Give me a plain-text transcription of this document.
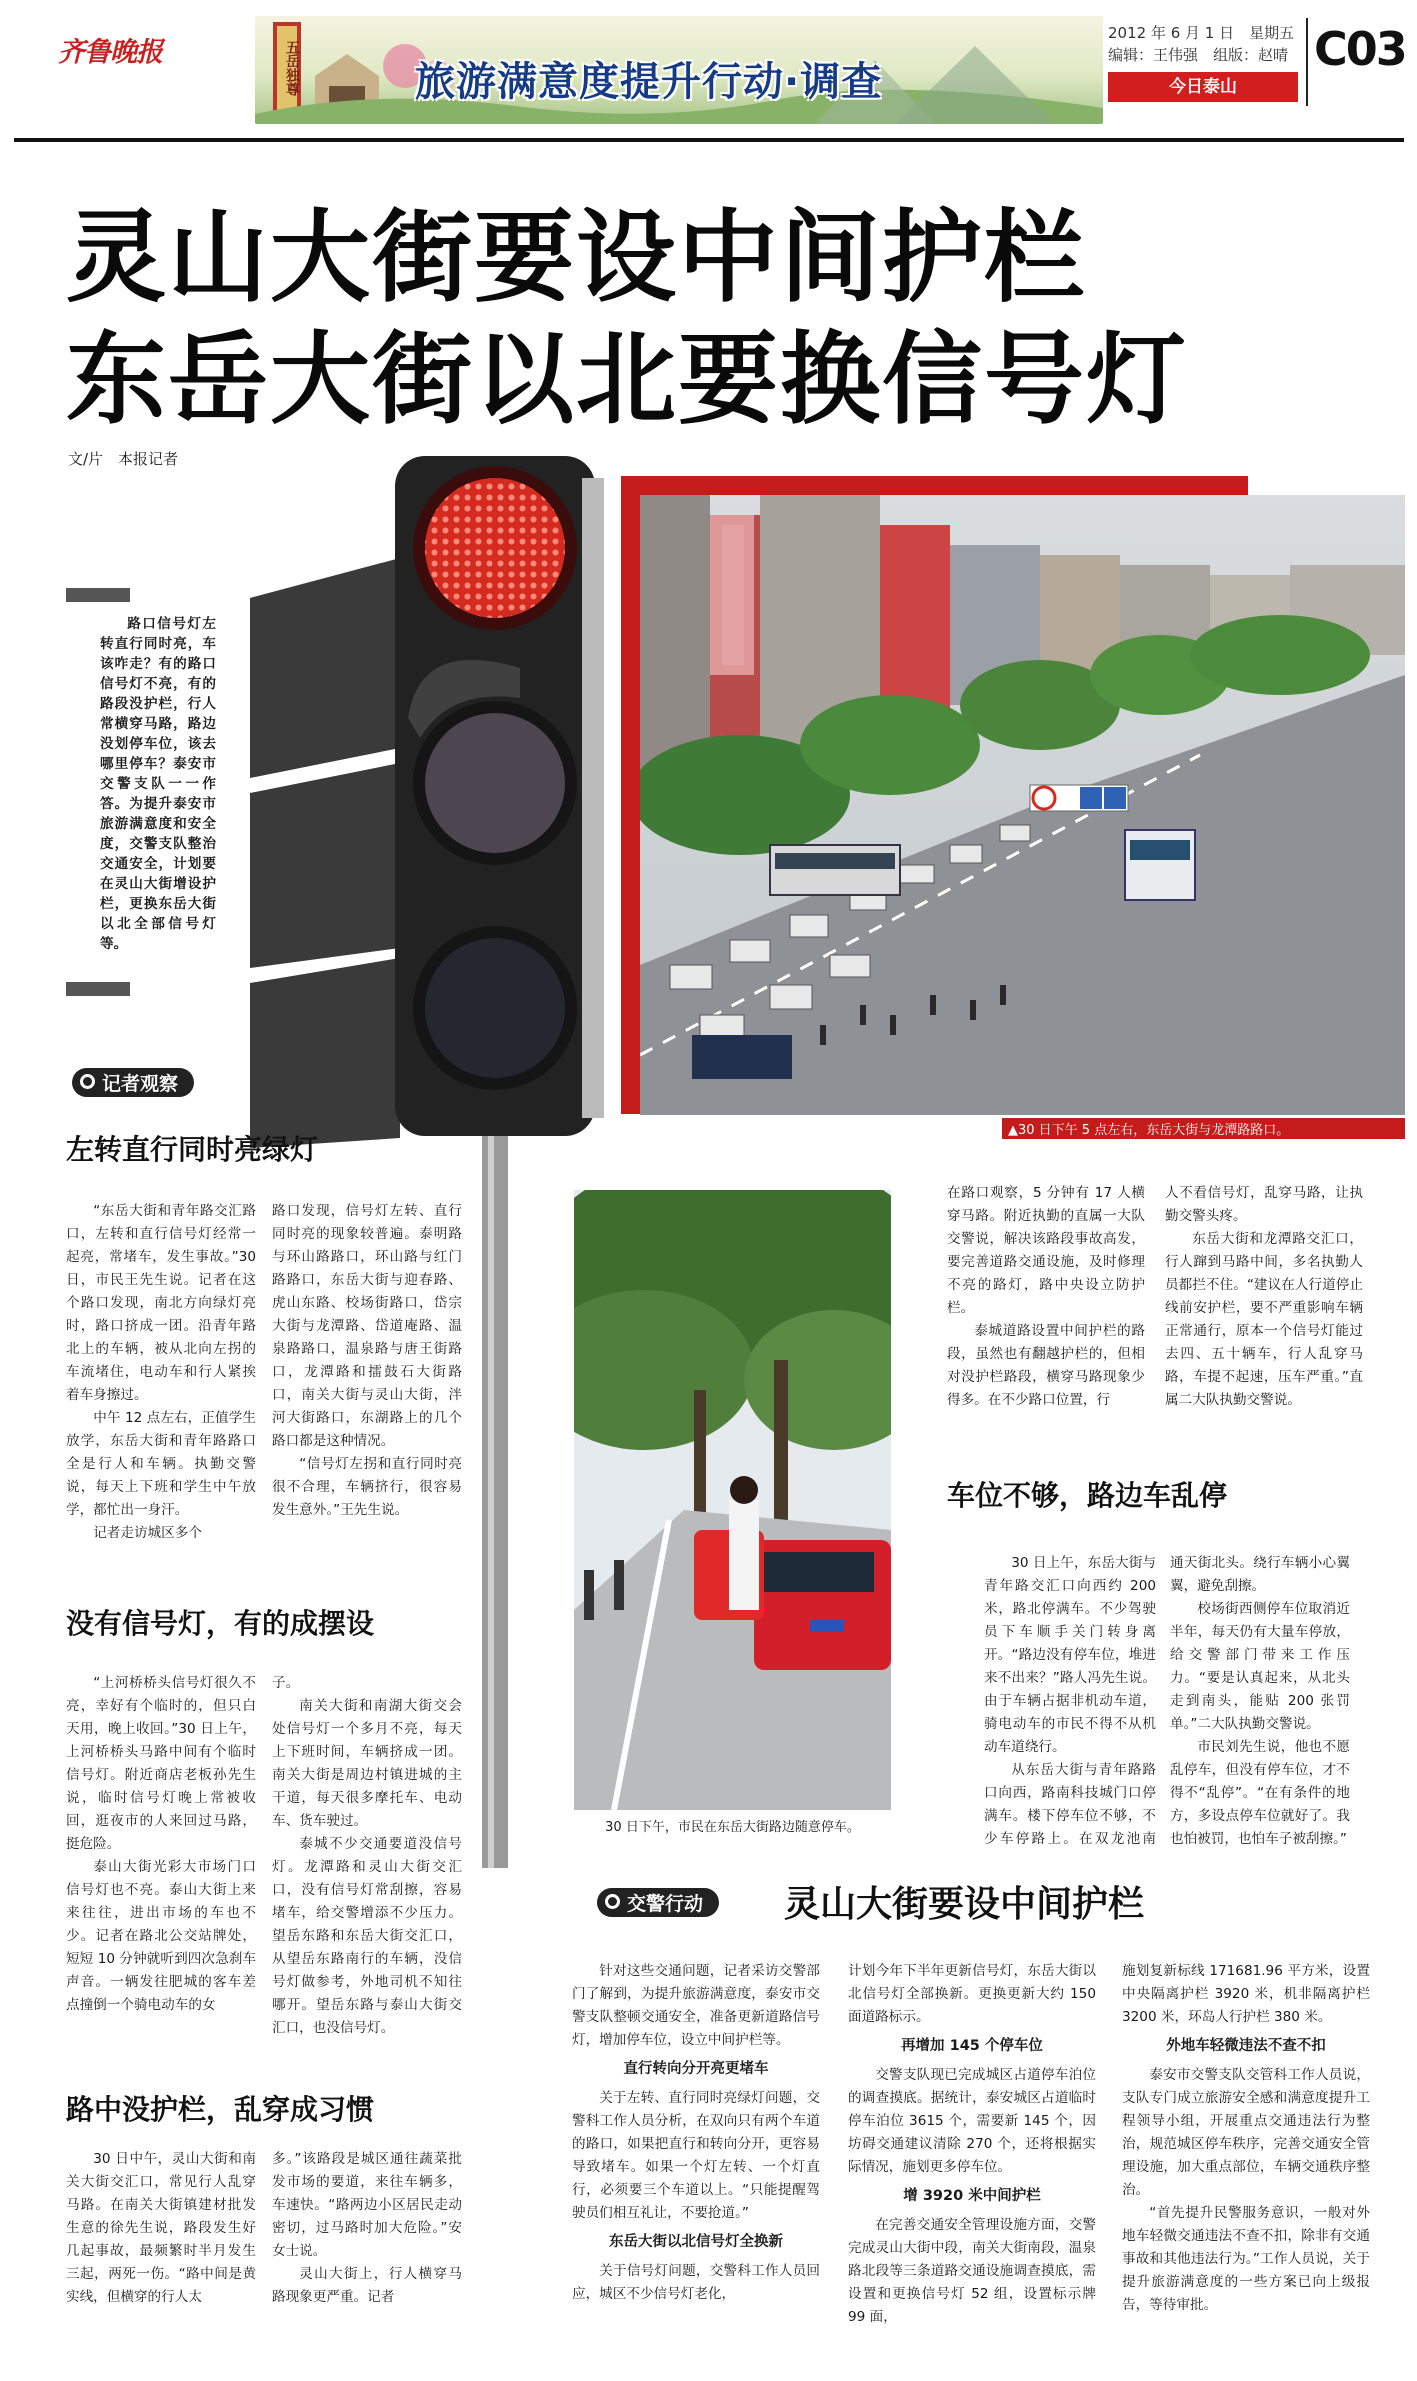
齐鲁晚报	五岳独尊	旅游满意度提升行动·调查
2012 年 6 月 1 日　星期五
编辑：王伟强　组版：赵晴
今日泰山
C03
灵山大街要设中间护栏
东岳大街以北要换信号灯
文/片　本报记者
路口信号灯左转直行同时亮，车该咋走？有的路口信号灯不亮，有的路段没护栏，行人常横穿马路，路边没划停车位，该去哪里停车？泰安市交警支队一一作答。为提升泰安市旅游满意度和安全度，交警支队整治交通安全，计划要在灵山大街增设护栏，更换东岳大街以北全部信号灯等。
▲30 日下午 5 点左右，东岳大街与龙潭路路口。
记者观察
左转直行同时亮绿灯

“东岳大街和青年路交汇路口，左转和直行信号灯经常一起亮，常堵车，发生事故。”30 日，市民王先生说。记者在这个路口发现，南北方向绿灯亮时，路口挤成一团。沿青年路北上的车辆，被从北向左拐的车流堵住，电动车和行人紧挨着车身擦过。

中午 12 点左右，正值学生放学，东岳大街和青年路路口全是行人和车辆。执勤交警说，每天上下班和学生中午放学，都忙出一身汗。

记者走访城区多个

路口发现，信号灯左转、直行同时亮的现象较普遍。泰明路与环山路路口，环山路与红门路路口，东岳大街与迎春路、虎山东路、校场街路口，岱宗大街与龙潭路、岱道庵路、温泉路路口，温泉路与唐王街路口，龙潭路和擂鼓石大街路口，南关大街与灵山大街，泮河大街路口，东湖路上的几个路口都是这种情况。

“信号灯左拐和直行同时亮很不合理，车辆挤行，很容易发生意外。”王先生说。

没有信号灯，有的成摆设

“上河桥桥头信号灯很久不亮，幸好有个临时的，但只白天用，晚上收回。”30 日上午，上河桥桥头马路中间有个临时信号灯。附近商店老板孙先生说，临时信号灯晚上常被收回，逛夜市的人来回过马路，挺危险。

泰山大街光彩大市场门口信号灯也不亮。泰山大街上来来往往，进出市场的车也不少。记者在路北公交站牌处，短短 10 分钟就听到四次急刹车声音。一辆发往肥城的客车差点撞倒一个骑电动车的女

子。

南关大街和南湖大街交会处信号灯一个多月不亮，每天上下班时间，车辆挤成一团。南关大街是周边村镇进城的主干道，每天很多摩托车、电动车、货车驶过。

泰城不少交通要道没信号灯。龙潭路和灵山大街交汇口，没有信号灯常刮擦，容易堵车，给交警增添不少压力。望岳东路和东岳大街交汇口，从望岳东路南行的车辆，没信号灯做参考，外地司机不知往哪开。望岳东路与泰山大街交汇口，也没信号灯。

路中没护栏，乱穿成习惯

30 日中午，灵山大街和南关大街交汇口，常见行人乱穿马路。在南关大街镇建材批发生意的徐先生说，路段发生好几起事故，最频繁时半月发生三起，两死一伤。“路中间是黄实线，但横穿的行人太

多。”该路段是城区通往蔬菜批发市场的要道，来往车辆多，车速快。“路两边小区居民走动密切，过马路时加大危险。”安女士说。

灵山大街上，行人横穿马路现象更严重。记者

30 日下午，市民在东岳大街路边随意停车。

在路口观察，5 分钟有 17 人横穿马路。附近执勤的直属一大队交警说，解决该路段事故高发，要完善道路交通设施，及时修理不亮的路灯，路中央设立防护栏。

泰城道路设置中间护栏的路段，虽然也有翻越护栏的，但相对没护栏路段，横穿马路现象少得多。在不少路口位置，行

人不看信号灯，乱穿马路，让执勤交警头疼。

东岳大街和龙潭路交汇口，行人蹿到马路中间，多名执勤人员都拦不住。“建议在人行道停止线前安护栏，要不严重影响车辆正常通行，原本一个信号灯能过去四、五十辆车，行人乱穿马路，车提不起速，压车严重。”直属二大队执勤交警说。

车位不够，路边车乱停

30 日上午，东岳大街与青年路交汇口向西约 200 米，路北停满车。不少驾驶员下车顺手关门转身离开。“路边没有停车位，堆进来不出来？”路人冯先生说。由于车辆占据非机动车道，骑电动车的市民不得不从机动车道绕行。

从东岳大街与青年路路口向西，路南科技城门口停满车。楼下停车位不够，不少车停路上。在双龙池南

通天街北头。绕行车辆小心翼翼，避免刮擦。

校场街西侧停车位取消近半年，每天仍有大量车停放，给交警部门带来工作压力。“要是认真起来，从北头走到南头，能贴 200 张罚单。”二大队执勤交警说。

市民刘先生说，他也不愿乱停车，但没有停车位，才不得不“乱停”。“在有条件的地方，多设点停车位就好了。我也怕被罚，也怕车子被刮擦。”

交警行动	灵山大街要设中间护栏

针对这些交通问题，记者采访交警部门了解到，为提升旅游满意度，泰安市交警支队整顿交通安全，准备更新道路信号灯，增加停车位，设立中间护栏等。

直行转向分开亮更堵车

关于左转、直行同时亮绿灯问题，交警科工作人员分析，在双向只有两个车道的路口，如果把直行和转向分开，更容易导致堵车。如果一个灯左转、一个灯直行，必须要三个车道以上。“只能提醒驾驶员们相互礼让，不要抢道。”

东岳大街以北信号灯全换新

关于信号灯问题，交警科工作人员回应，城区不少信号灯老化，

计划今年下半年更新信号灯，东岳大街以北信号灯全部换新。更换更新大约 150 面道路标示。

再增加 145 个停车位

交警支队现已完成城区占道停车泊位的调查摸底。据统计，泰安城区占道临时停车泊位 3615 个，需要新 145 个，因坊碍交通建议清除 270 个，还将根据实际情况，施划更多停车位。

增 3920 米中间护栏

在完善交通安全管理设施方面，交警完成灵山大街中段，南关大街南段，温泉路北段等三条道路交通设施调查摸底，需设置和更换信号灯 52 组，设置标示牌 99 面，

施划复新标线 171681.96 平方米，设置中央隔离护栏 3920 米，机非隔离护栏 3200 米，环岛人行护栏 380 米。

外地车轻微违法不查不扣

泰安市交警支队交管科工作人员说，支队专门成立旅游安全感和满意度提升工程领导小组，开展重点交通违法行为整治，规范城区停车秩序，完善交通安全管理设施，加大重点部位，车辆交通秩序整治。

“首先提升民警服务意识，一般对外地车轻微交通违法不查不扣，除非有交通事故和其他违法行为。”工作人员说，关于提升旅游满意度的一些方案已向上级报告，等待审批。
